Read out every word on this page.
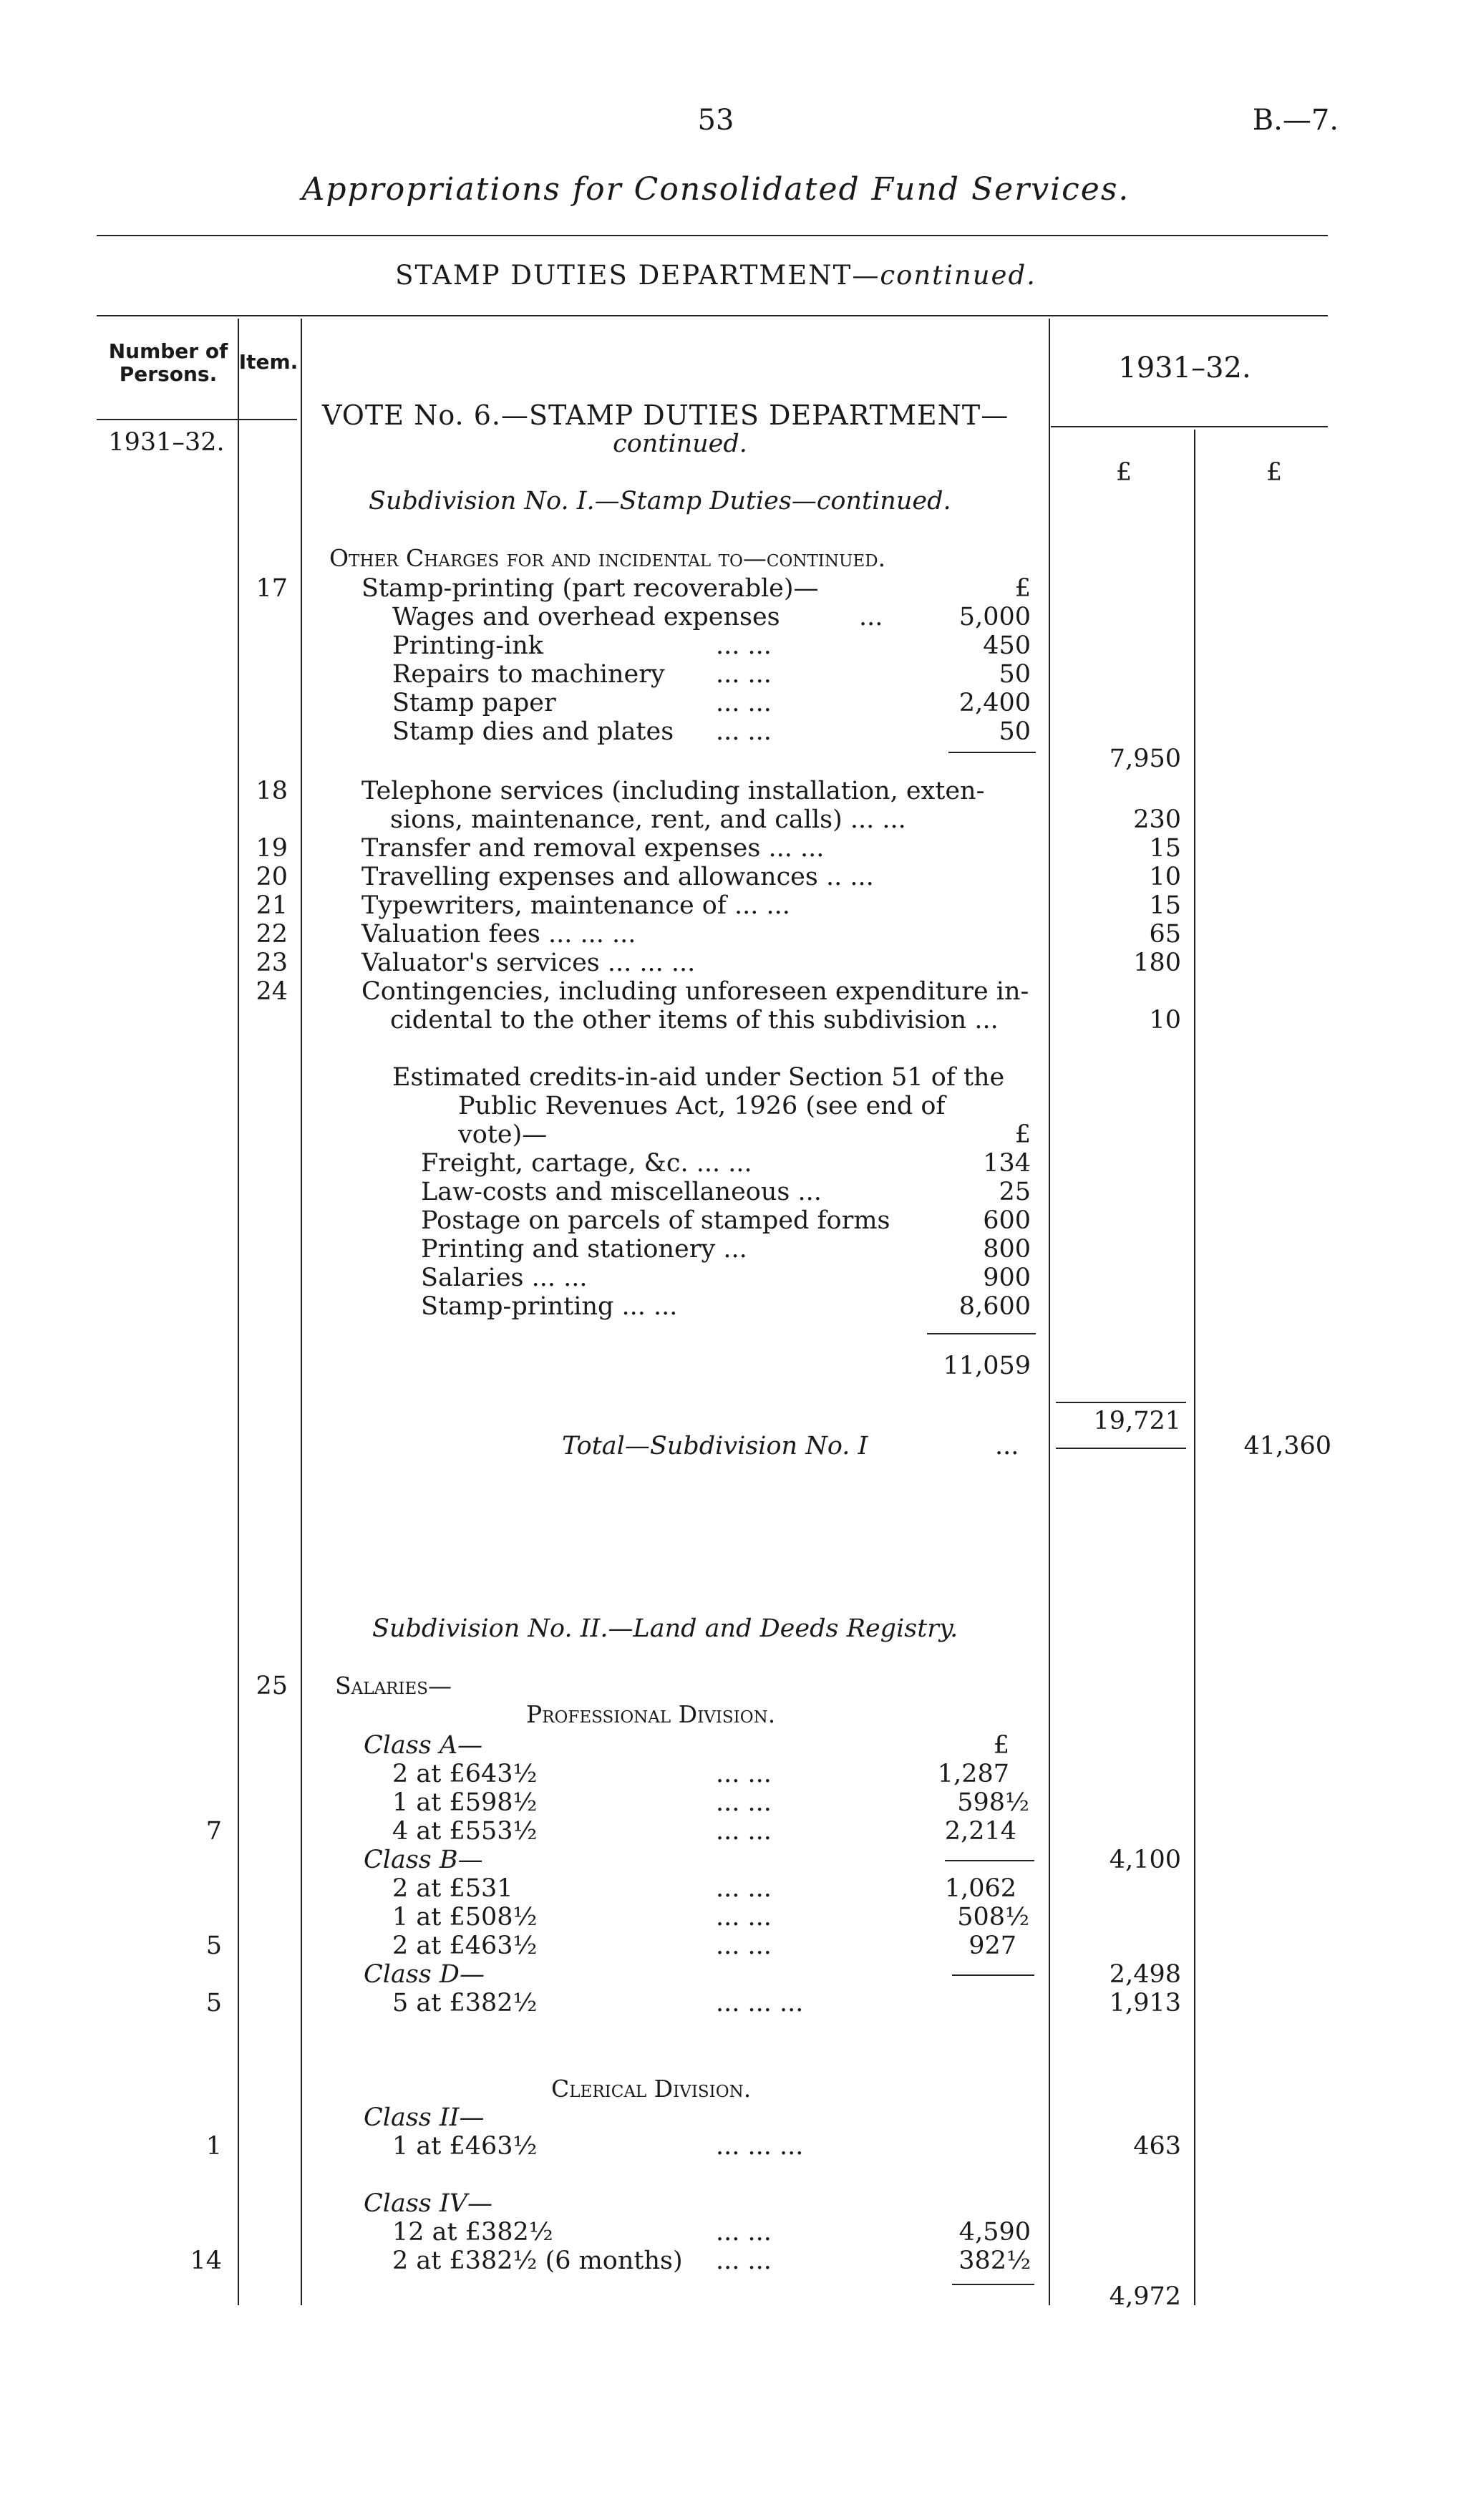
53	B.—7.
Appropriations for Consolidated Fund Services.
STAMP DUTIES DEPARTMENT—continued.
Number of Persons.
Item.	1931–32.
1931–32.
£	£
VOTE No. 6.—STAMP DUTIES DEPARTMENT—
continued.
Subdivision No. I.—Stamp Duties—continued.
Other Charges for and incidental to—continued.
17	Stamp-printing (part recoverable)—	£
Wages and overhead expenses	...	5,000
Printing-ink	... ...	450
Repairs to machinery ... ...	50
Stamp paper	... ...	2,400
Stamp dies and plates ... ...	50
7,950
18	Telephone services (including installation, exten-
sions, maintenance, rent, and calls) ... ...	230
19	Transfer and removal expenses ... ...	15
20	Travelling expenses and allowances .. ...	10
21	Typewriters, maintenance of ... ...	15
22	Valuation fees ... ... ...	65
23	Valuator's services ... ... ...	180
24	Contingencies, including unforeseen expenditure in-
cidental to the other items of this subdivision ...	10
Estimated credits-in-aid under Section 51 of the
Public Revenues Act, 1926 (see end of
vote)—	£
Freight, cartage, &c. ... ...	134
Law-costs and miscellaneous ...	25
Postage on parcels of stamped forms	600
Printing and stationery ...	800
Salaries ... ...	900
Stamp-printing ... ...	8,600
11,059
19,721
Total—Subdivision No. I	...	41,360
Subdivision No. II.—Land and Deeds Registry.
25 Salaries—
Professional Division.
Class A—	£
2 at £643½	... ...	1,287
1 at £598½	... ...	598½
7	4 at £553½	... ...	2,214
Class B—	4,100
2 at £531	... ...	1,062
1 at £508½	... ...	508½
5	2 at £463½	... ...	927
Class D—	2,498
5	5 at £382½	... ... ...	1,913
Clerical Division.
Class II—
1	1 at £463½	... ... ...	463
Class IV—
12 at £382½	... ...	4,590
14	2 at £382½ (6 months) ... ...	382½
4,972
